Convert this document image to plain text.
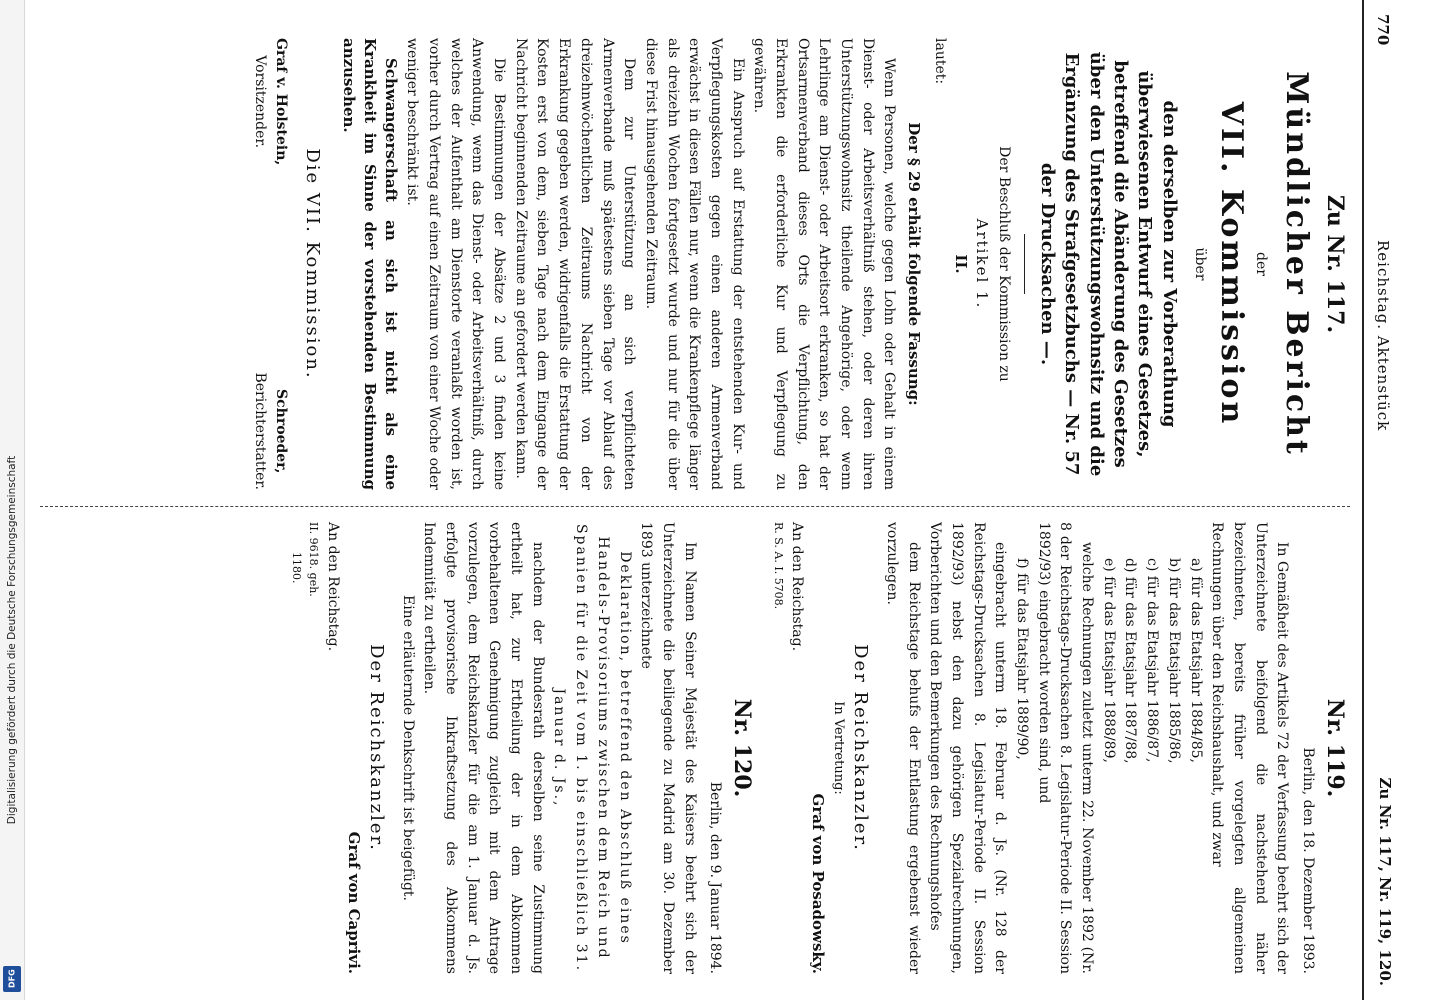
Digitalisierung gefördert durch die Deutsche Forschungsgemeinschaft
DFG
770
Reichstag. Aktenstück
Zu Nr. 117, Nr. 119, 120.

Zu Nr. 117.

Mündlicher Bericht

der

VII. Kommission

über

den derselben zur Vorberathung überwiesenen Entwurf eines Gesetzes, betreffend die Abänderung des Gesetzes über den Unterstützungswohnsitz und die Ergänzung des Strafgesetzbuchs — Nr. 57 der Drucksachen —.

Der Beschluß der Kommission zu

Artikel 1.

II.

lautet:

Der § 29 erhält folgende Fassung:

Wenn Personen, welche gegen Lohn oder Gehalt in einem Dienst- oder Arbeitsverhältniß stehen, oder deren ihren Unterstützungswohnsitz theilende Angehörige, oder wenn Lehrlinge am Dienst- oder Arbeitsort erkranken, so hat der Ortsarmenverband dieses Orts die Verpflichtung, den Erkrankten die erforderliche Kur und Verpflegung zu gewähren.

Ein Anspruch auf Erstattung der entstehenden Kur- und Verpflegungskosten gegen einen anderen Armenverband erwächst in diesen Fällen nur, wenn die Krankenpflege länger als dreizehn Wochen fortgesetzt wurde und nur für die über diese Frist hinausgehenden Zeitraum.

Dem zur Unterstützung an sich verpflichteten Armenverbande muß spätestens sieben Tage vor Ablauf des dreizehnwöchentlichen Zeitraums Nachricht von der Erkrankung gegeben werden, widrigenfalls die Erstattung der Kosten erst von dem, sieben Tage nach dem Eingange der Nachricht beginnenden Zeitraume an gefordert werden kann.

Die Bestimmungen der Absätze 2 und 3 finden keine Anwendung, wenn das Dienst- oder Arbeitsverhältniß, durch welches der Aufenthalt am Dienstorte veranlaßt worden ist, vorher durch Vertrag auf einen Zeitraum von einer Woche oder weniger beschränkt ist.

Schwangerschaft an sich ist nicht als eine Krankheit im Sinne der vorstehenden Bestimmung anzusehen.

Die VII. Kommission.

Graf v. Holstein,
Vorsitzender.
Schroeder,
Berichterstatter.

Nr. 119.

Berlin, den 18. Dezember 1893.

In Gemäßheit des Artikels 72 der Verfassung beehrt sich der Unterzeichnete beifolgend die nachstehend näher bezeichneten, bereits früher vorgelegten allgemeinen Rechnungen über den Reichshaushalt, und zwar

a) für das Etatsjahr 1884/85,
b) für das Etatsjahr 1885/86,
c) für das Etatsjahr 1886/87,
d) für das Etatsjahr 1887/88,
e) für das Etatsjahr 1888/89,

welche Rechnungen zuletzt unterm 22. November 1892 (Nr. 8 der Reichstags-Drucksachen 8. Legislatur-Periode II. Session 1892/93) eingebracht worden sind, und

f) für das Etatsjahr 1889/90,

eingebracht unterm 18. Februar d. Js. (Nr. 128 der Reichstags-Drucksachen 8. Legislatur-Periode II. Session 1892/93) nebst den dazu gehörigen Spezialrechnungen, Vorberichten und den Bemerkungen des Rechnungshofes

dem Reichstage behufs der Entlastung ergebenst wieder vorzulegen.

Der Reichskanzler.

In Vertretung:

Graf von Posadowsky.

An den Reichstag.

R. S. A. I. 5708.

Nr. 120.

Berlin, den 9. Januar 1894.

Im Namen Seiner Majestät des Kaisers beehrt sich der Unterzeichnete die beiliegende zu Madrid am 30. Dezember 1893 unterzeichnete

Deklaration, betreffend den Abschluß eines Handels-Provisoriums zwischen dem Reich und Spanien für die Zeit vom 1. bis einschließlich 31. Januar d. Js.,

nachdem der Bundesrath derselben seine Zustimmung ertheilt hat, zur Ertheilung der in dem Abkommen vorbehaltenen Genehmigung zugleich mit dem Antrage vorzulegen, dem Reichskanzler für die am 1. Januar d. Js. erfolgte provisorische Inkraftsetzung des Abkommens Indemnität zu ertheilen.

Eine erläuternde Denkschrift ist beigefügt.

Der Reichskanzler.

Graf von Caprivi.

An den Reichstag.

II. 9618. geh.

1180.
